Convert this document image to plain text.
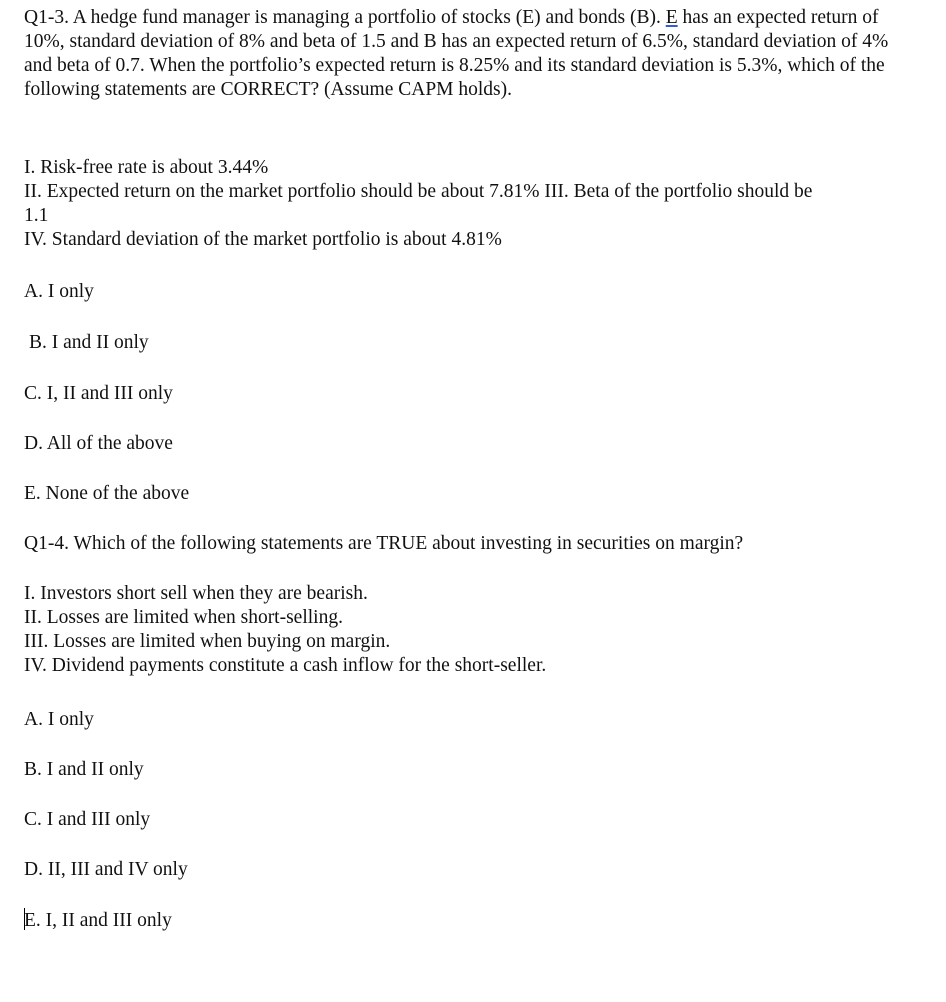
Q1-3. A hedge fund manager is managing a portfolio of stocks (E) and bonds (B). E has an expected return of 10%, standard deviation of 8% and beta of 1.5 and B has an expected return of 6.5%, standard deviation of 4% and beta of 0.7. When the portfolio’s expected return is 8.25% and its standard deviation is 5.3%, which of the following statements are CORRECT? (Assume CAPM holds).

I. Risk-free rate is about 3.44%
II. Expected return on the market portfolio should be about 7.81% III. Beta of the portfolio should be 1.1
IV. Standard deviation of the market portfolio is about 4.81%
A. I only
B. I and II only
C. I, II and III only
D. All of the above
E. None of the above
Q1-4. Which of the following statements are TRUE about investing in securities on margin?
I. Investors short sell when they are bearish.
II. Losses are limited when short-selling.
III. Losses are limited when buying on margin.
IV. Dividend payments constitute a cash inflow for the short-seller.
A. I only
B. I and II only
C. I and III only
D. II, III and IV only
E. I, II and III only
